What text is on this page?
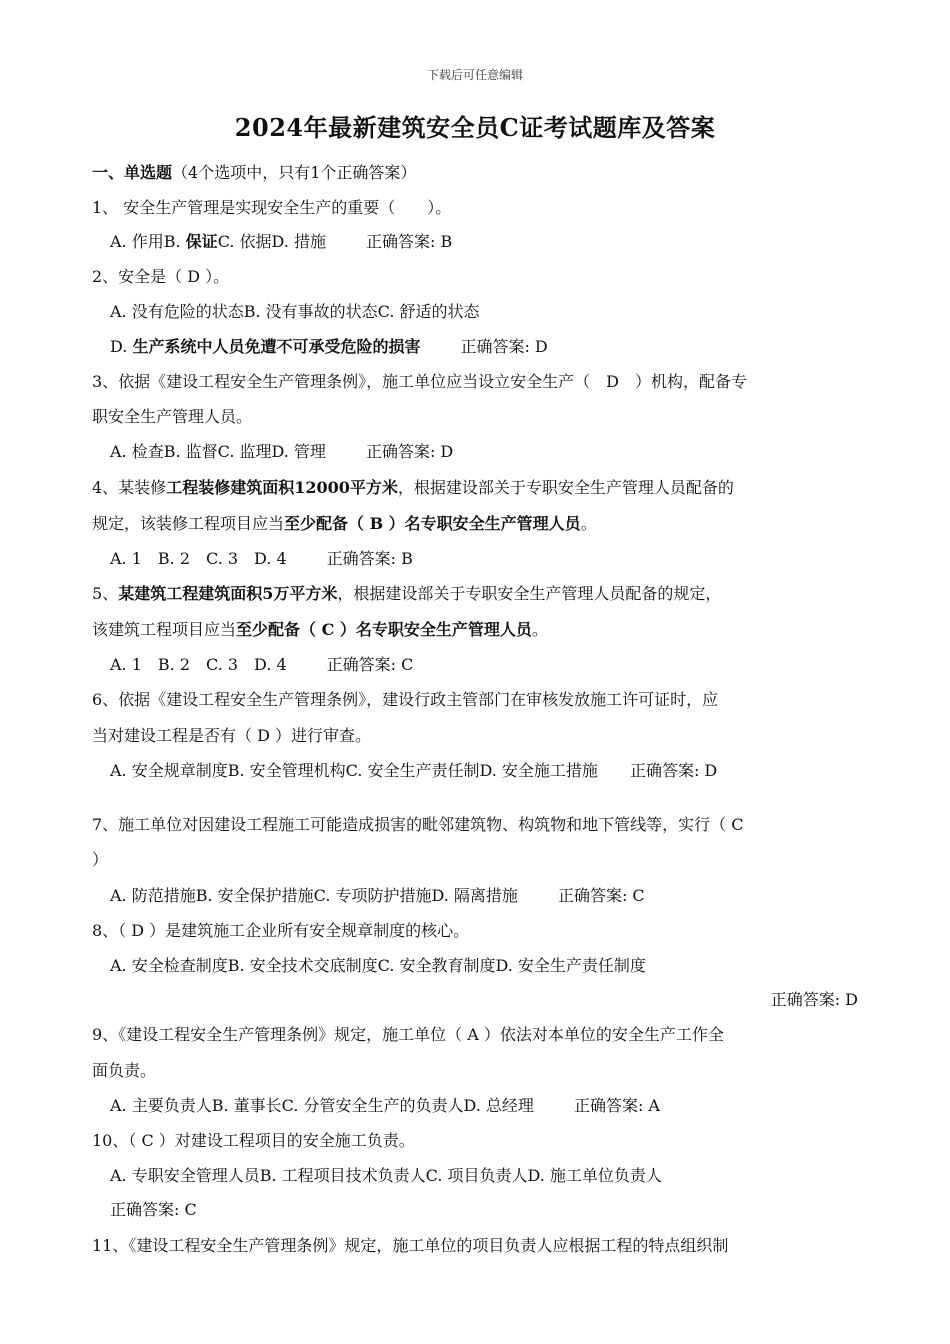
下载后可任意编辑
2024年最新建筑安全员C证考试题库及答案
一、单选题（4个选项中，只有1个正确答案）
1、 安全生产管理是实现安全生产的重要（　　）。
A. 作用B. 保证C. 依据D. 措施	正确答案: B
2、安全是（ D ）。
A. 没有危险的状态B. 没有事故的状态C. 舒适的状态
D. 生产系统中人员免遭不可承受危险的损害	正确答案: D
3、依据《建设工程安全生产管理条例》，施工单位应当设立安全生产（　D　）机构，配备专
职安全生产管理人员。
A. 检查B. 监督C. 监理D. 管理	正确答案: D
4、某装修工程装修建筑面积12000平方米，根据建设部关于专职安全生产管理人员配备的
规定，该装修工程项目应当至少配备（ B ）名专职安全生产管理人员。
A. 1　B. 2　C. 3　D. 4	正确答案: B
5、某建筑工程建筑面积5万平方米，根据建设部关于专职安全生产管理人员配备的规定，
该建筑工程项目应当至少配备（ C ）名专职安全生产管理人员。
A. 1　B. 2　C. 3　D. 4	正确答案: C
6、依据《建设工程安全生产管理条例》，建设行政主管部门在审核发放施工许可证时，应
当对建设工程是否有（ D ）进行审查。
A. 安全规章制度B. 安全管理机构C. 安全生产责任制D. 安全施工措施 正确答案: D
7、施工单位对因建设工程施工可能造成损害的毗邻建筑物、构筑物和地下管线等，实行（ C
）
A. 防范措施B. 安全保护措施C. 专项防护措施D. 隔离措施	正确答案: C
8、（ D ）是建筑施工企业所有安全规章制度的核心。
A. 安全检查制度B. 安全技术交底制度C. 安全教育制度D. 安全生产责任制度
正确答案: D
9、《建设工程安全生产管理条例》规定，施工单位（ A ）依法对本单位的安全生产工作全
面负责。
A. 主要负责人B. 董事长C. 分管安全生产的负责人D. 总经理	正确答案: A
10、（ C ）对建设工程项目的安全施工负责。
A. 专职安全管理人员B. 工程项目技术负责人C. 项目负责人D. 施工单位负责人
正确答案: C
11、《建设工程安全生产管理条例》规定，施工单位的项目负责人应根据工程的特点组织制
